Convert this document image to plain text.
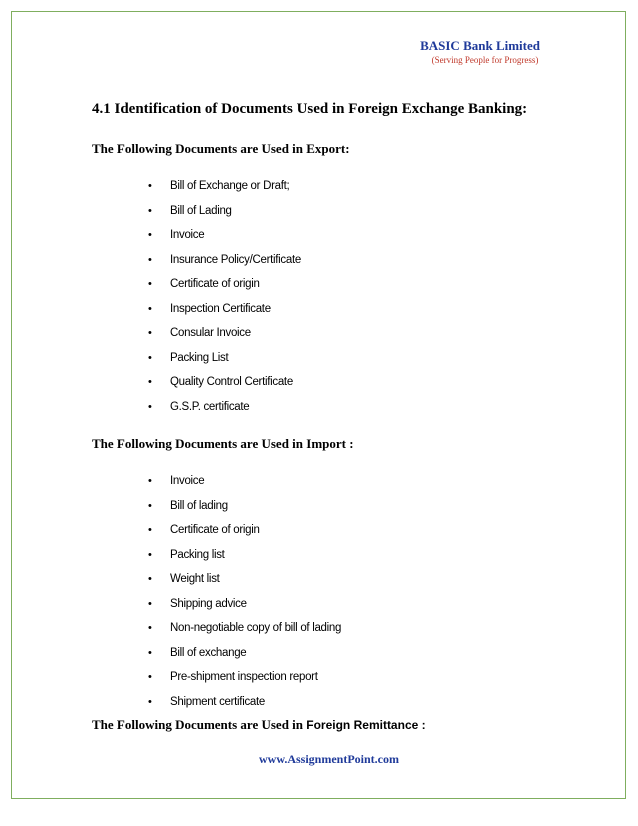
BASIC Bank Limited
(Serving People for Progress)
4.1 Identification of Documents Used in Foreign Exchange Banking:
The Following Documents are Used in Export:
•	Bill of Exchange or Draft;
•	Bill of Lading
•	Invoice
•	Insurance Policy/Certificate
•	Certificate of origin
•	Inspection Certificate
•	Consular Invoice
•	Packing List
•	Quality Control Certificate
•	G.S.P. certificate
The Following Documents are Used in Import :
•	Invoice
•	Bill of lading
•	Certificate of origin
•	Packing list
•	Weight list
•	Shipping advice
•	Non-negotiable copy of bill of lading
•	Bill of exchange
•	Pre-shipment inspection report
•	Shipment certificate
The Following Documents are Used in Foreign Remittance :
www.AssignmentPoint.com
